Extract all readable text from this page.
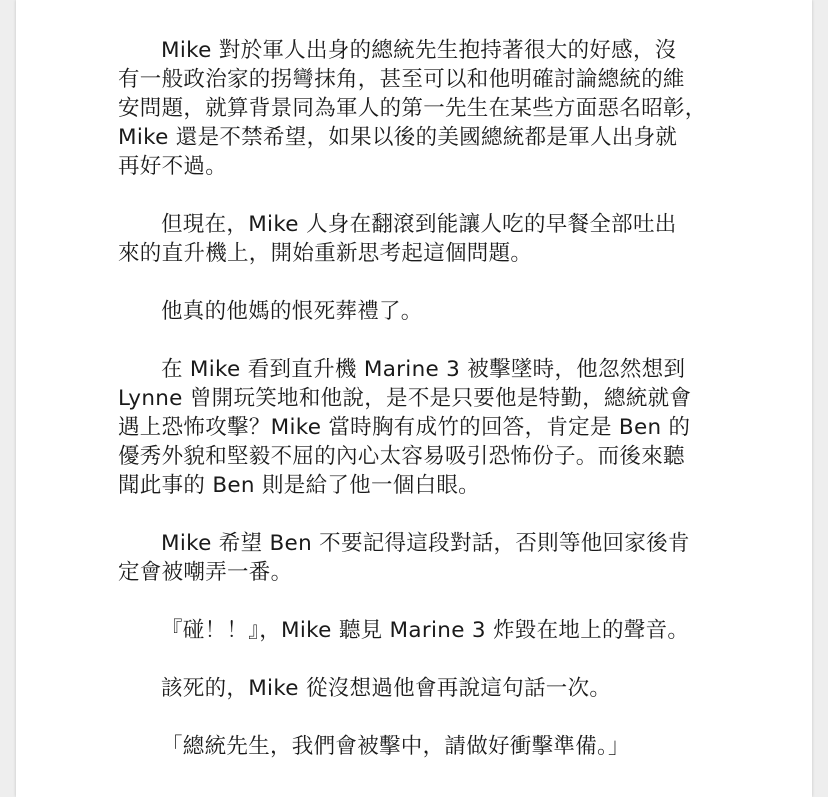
Mike 對於軍人出身的總統先生抱持著很大的好感，沒
有一般政治家的拐彎抹角，甚至可以和他明確討論總統的維
安問題，就算背景同為軍人的第一先生在某些方面惡名昭彰，
Mike 還是不禁希望，如果以後的美國總統都是軍人出身就
再好不過。

但現在，Mike 人身在翻滾到能讓人吃的早餐全部吐出
來的直升機上，開始重新思考起這個問題。

他真的他媽的恨死葬禮了。

在 Mike 看到直升機 Marine 3 被擊墜時，他忽然想到
Lynne 曾開玩笑地和他說，是不是只要他是特勤，總統就會
遇上恐怖攻擊？Mike 當時胸有成竹的回答，肯定是 Ben 的
優秀外貌和堅毅不屈的內心太容易吸引恐怖份子。而後來聽
聞此事的 Ben 則是給了他一個白眼。

Mike 希望 Ben 不要記得這段對話，否則等他回家後肯
定會被嘲弄一番。

『碰！！』，Mike 聽見 Marine 3 炸毀在地上的聲音。

該死的，Mike 從沒想過他會再說這句話一次。

「總統先生，我們會被擊中，請做好衝擊準備。」
